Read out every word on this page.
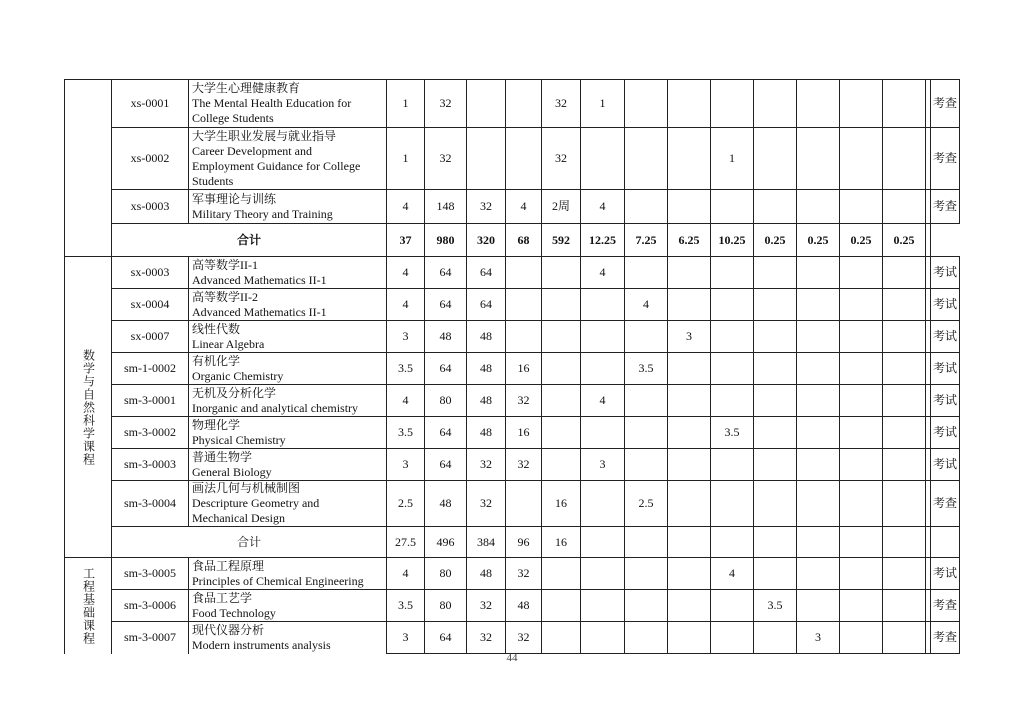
	xs-0001	大学生心理健康教育
The Mental Health Education for
College Students	1	32			32	1									考查
	xs-0002	大学生职业发展与就业指导
Career Development and
Employment Guidance for College
Students	1	32			32				1						考查
	xs-0003	军事理论与训练
Military Theory and Training	4	148	32	4	2周	4									考查
	合计		37	980	320	68	592	12.25	7.25	6.25	10.25	0.25	0.25	0.25	0.25		
数学与自然科学课程	sx-0003	高等数学II-1
Advanced Mathematics II-1	4	64	64			4									考试
	sx-0004	高等数学II-2
Advanced Mathematics II-1	4	64	64				4								考试
	sx-0007	线性代数
Linear Algebra	3	48	48					3							考试
	sm-1-0002	有机化学
Organic Chemistry	3.5	64	48	16			3.5								考试
	sm-3-0001	无机及分析化学
Inorganic and analytical chemistry	4	80	48	32		4									考试
	sm-3-0002	物理化学
Physical Chemistry	3.5	64	48	16					3.5						考试
	sm-3-0003	普通生物学
General Biology	3	64	32	32		3									考试
	sm-3-0004	画法几何与机械制图
Descripture Geometry and
Mechanical Design	2.5	48	32		16		2.5								考查
	合计		27.5	496	384	96	16										
工程基础课程	sm-3-0005	食品工程原理
Principles of Chemical Engineering	4	80	48	32					4						考试
	sm-3-0006	食品工艺学
Food Technology	3.5	80	32	48						3.5					考查
	sm-3-0007	现代仪器分析
Modern instruments analysis	3	64	32	32							3				考查
44
